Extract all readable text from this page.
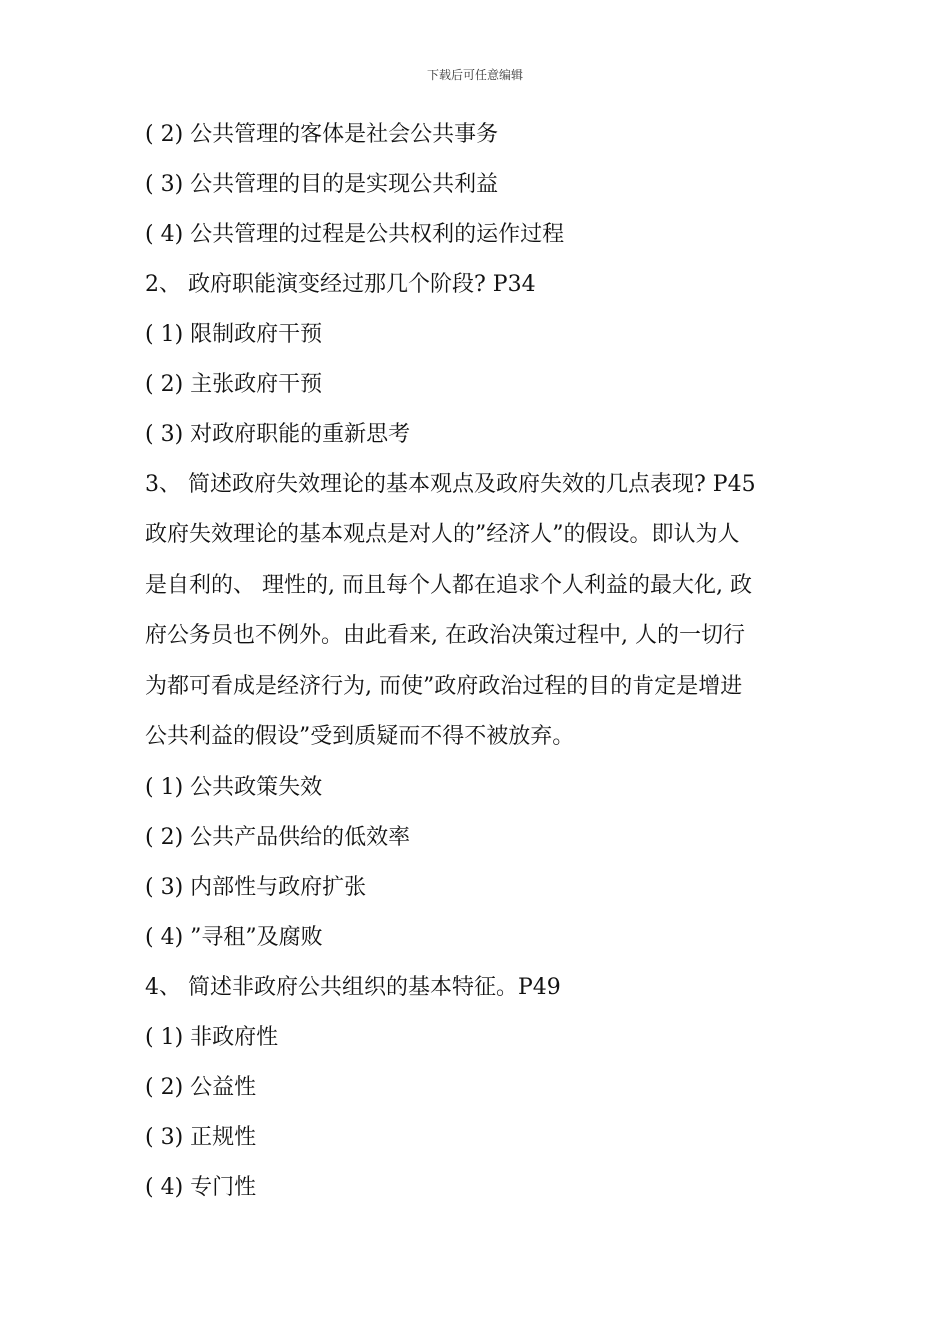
下载后可任意编辑
( 2) 公共管理的客体是社会公共事务
( 3) 公共管理的目的是实现公共利益
( 4) 公共管理的过程是公共权利的运作过程
2、 政府职能演变经过那几个阶段? P34
( 1) 限制政府干预
( 2) 主张政府干预
( 3) 对政府职能的重新思考
3、 简述政府失效理论的基本观点及政府失效的几点表现? P45

政府失效理论的基本观点是对人的”经济人”的假设。即认为人
是自利的、 理性的, 而且每个人都在追求个人利益的最大化, 政
府公务员也不例外。由此看来, 在政治决策过程中, 人的一切行
为都可看成是经济行为, 而使”政府政治过程的目的肯定是增进
公共利益的假设”受到质疑而不得不被放弃。

( 1) 公共政策失效
( 2) 公共产品供给的低效率
( 3) 内部性与政府扩张
( 4) ”寻租”及腐败
4、 简述非政府公共组织的基本特征。P49
( 1) 非政府性
( 2) 公益性
( 3) 正规性
( 4) 专门性
